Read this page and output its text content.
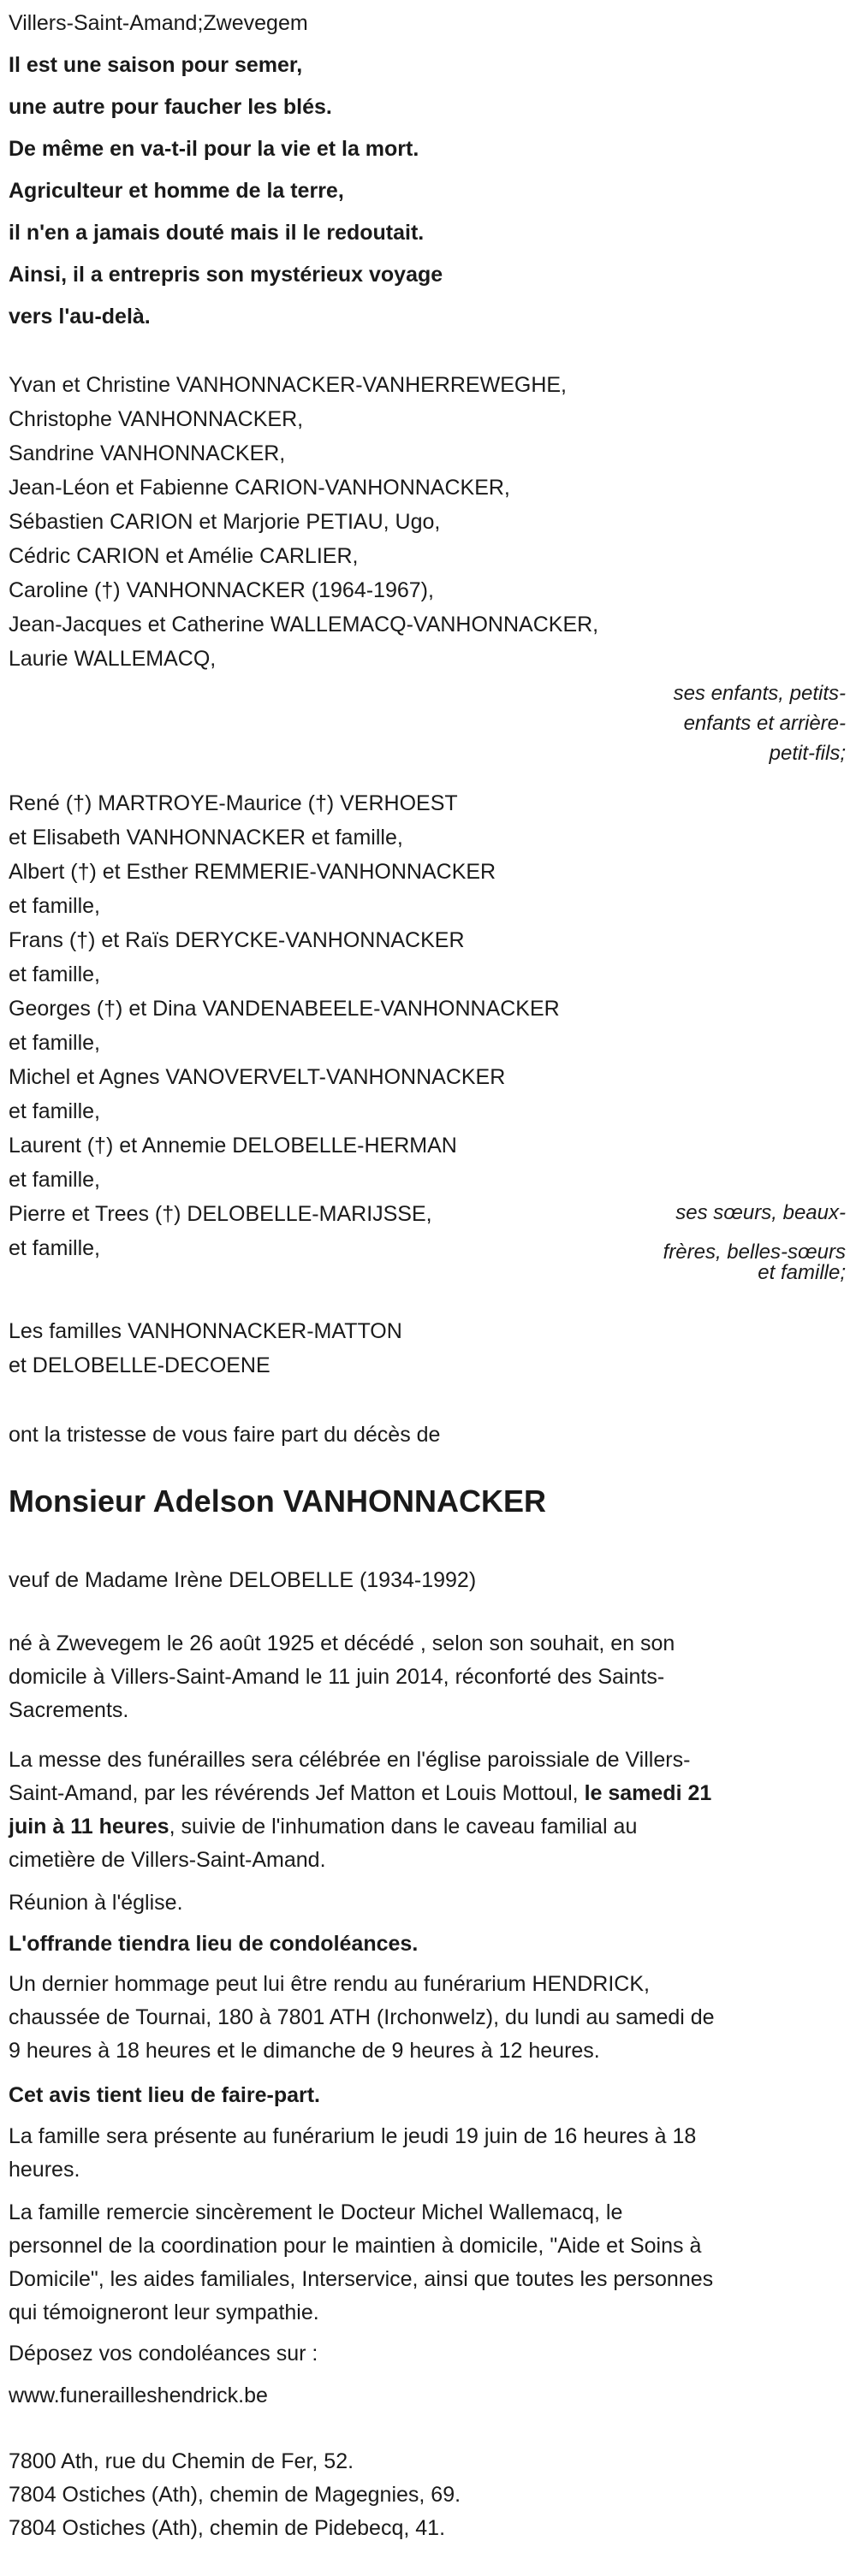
Villers-Saint-Amand;Zwevegem
Il est une saison pour semer,
une autre pour faucher les blés.
De même en va-t-il pour la vie et la mort.
Agriculteur et homme de la terre,
il n'en a jamais douté mais il le redoutait.
Ainsi, il a entrepris son mystérieux voyage
vers l'au-delà.
Yvan et Christine VANHONNACKER-VANHERREWEGHE,
Christophe VANHONNACKER,
Sandrine VANHONNACKER,
Jean-Léon et Fabienne CARION-VANHONNACKER,
Sébastien CARION et Marjorie PETIAU, Ugo,
Cédric CARION et Amélie CARLIER,
Caroline (†) VANHONNACKER (1964-1967),
Jean-Jacques et Catherine WALLEMACQ-VANHONNACKER,
Laurie WALLEMACQ,
ses enfants, petits-
enfants et arrière-
petit-fils;
René (†) MARTROYE-Maurice (†) VERHOEST
et Elisabeth VANHONNACKER et famille,
Albert (†) et Esther REMMERIE-VANHONNACKER
et famille,
Frans (†) et Raïs DERYCKE-VANHONNACKER
et famille,
Georges (†) et Dina VANDENABEELE-VANHONNACKER
et famille,
Michel et Agnes VANOVERVELT-VANHONNACKER
et famille,
Laurent (†) et Annemie DELOBELLE-HERMAN
et famille,
Pierre et Trees (†) DELOBELLE-MARIJSSE,
et famille,
ses sœurs, beaux-
frères, belles-sœurs
et famille;
Les familles VANHONNACKER-MATTON
et DELOBELLE-DECOENE
ont la tristesse de vous faire part du décès de
Monsieur Adelson VANHONNACKER
veuf de Madame Irène DELOBELLE (1934-1992)
né à Zwevegem le 26 août 1925 et décédé , selon son souhait, en son
domicile à Villers-Saint-Amand le 11 juin 2014, réconforté des Saints-
Sacrements.
La messe des funérailles sera célébrée en l'église paroissiale de Villers-
Saint-Amand, par les révérends Jef Matton et Louis Mottoul, le samedi 21
juin à 11 heures, suivie de l'inhumation dans le caveau familial au
cimetière de Villers-Saint-Amand.
Réunion à l'église.
L'offrande tiendra lieu de condoléances.
Un dernier hommage peut lui être rendu au funérarium HENDRICK,
chaussée de Tournai, 180 à 7801 ATH (Irchonwelz), du lundi au samedi de
9 heures à 18 heures et le dimanche de 9 heures à 12 heures.
Cet avis tient lieu de faire-part.
La famille sera présente au funérarium le jeudi 19 juin de 16 heures à 18
heures.
La famille remercie sincèrement le Docteur Michel Wallemacq, le
personnel de la coordination pour le maintien à domicile, "Aide et Soins à
Domicile", les aides familiales, Interservice, ainsi que toutes les personnes
qui témoigneront leur sympathie.
Déposez vos condoléances sur :
www.funerailleshendrick.be
7800 Ath, rue du Chemin de Fer, 52.
7804 Ostiches (Ath), chemin de Magegnies, 69.
7804 Ostiches (Ath), chemin de Pidebecq, 41.
